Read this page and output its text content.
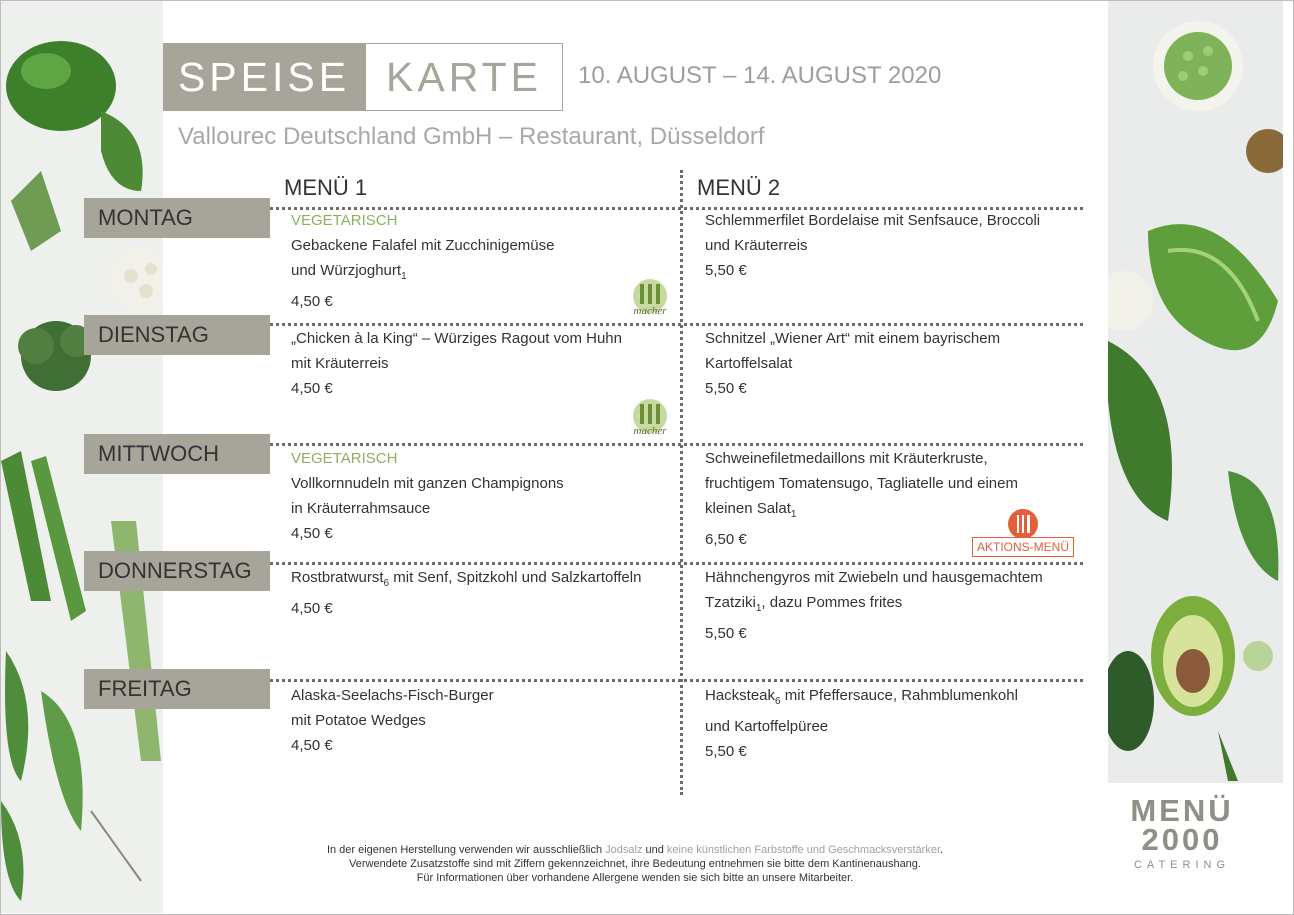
SPEISE KARTE	10. AUGUST – 14. AUGUST 2020
Vallourec Deutschland GmbH – Restaurant, Düsseldorf
MENÜ 1	MENÜ 2
MONTAG
DIENSTAG
MITTWOCH
DONNERSTAG
FREITAG
VEGETARISCH
Gebackene Falafel mit Zucchinigemüse
und Würzjoghurt$_1$
4,50 €
Schlemmerfilet Bordelaise mit Senfsauce, Broccoli
und Kräuterreis
5,50 €
„Chicken à la King“ – Würziges Ragout vom Huhn
mit Kräuterreis
4,50 €
Schnitzel „Wiener Art“ mit einem bayrischem
Kartoffelsalat
5,50 €
VEGETARISCH
Vollkornnudeln mit ganzen Champignons
in Kräuterrahmsauce
4,50 €
Schweinefiletmedaillons mit Kräuterkruste,
fruchtigem Tomatensugo, Tagliatelle und einem
kleinen Salat$_1$
6,50 €
Rostbratwurst$_6$ mit Senf, Spitzkohl und Salzkartoffeln
4,50 €
Hähnchengyros mit Zwiebeln und hausgemachtem
Tzatziki$_1$, dazu Pommes frites
5,50 €
Alaska-Seelachs-Fisch-Burger
mit Potatoe Wedges
4,50 €
Hacksteak$_6$ mit Pfeffersauce, Rahmblumenkohl
und Kartoffelpüree
5,50 €
macher
macher
AKTIONS-MENÜ
In der eigenen Herstellung verwenden wir ausschließlich Jodsalz und keine künstlichen Farbstoffe und Geschmacksverstärker.
Verwendete Zusatzstoffe sind mit Ziffern gekennzeichnet, ihre Bedeutung entnehmen sie bitte dem Kantinenaushang.
Für Informationen über vorhandene Allergene wenden sie sich bitte an unsere Mitarbeiter.
MENÜ
2000
CATERING
